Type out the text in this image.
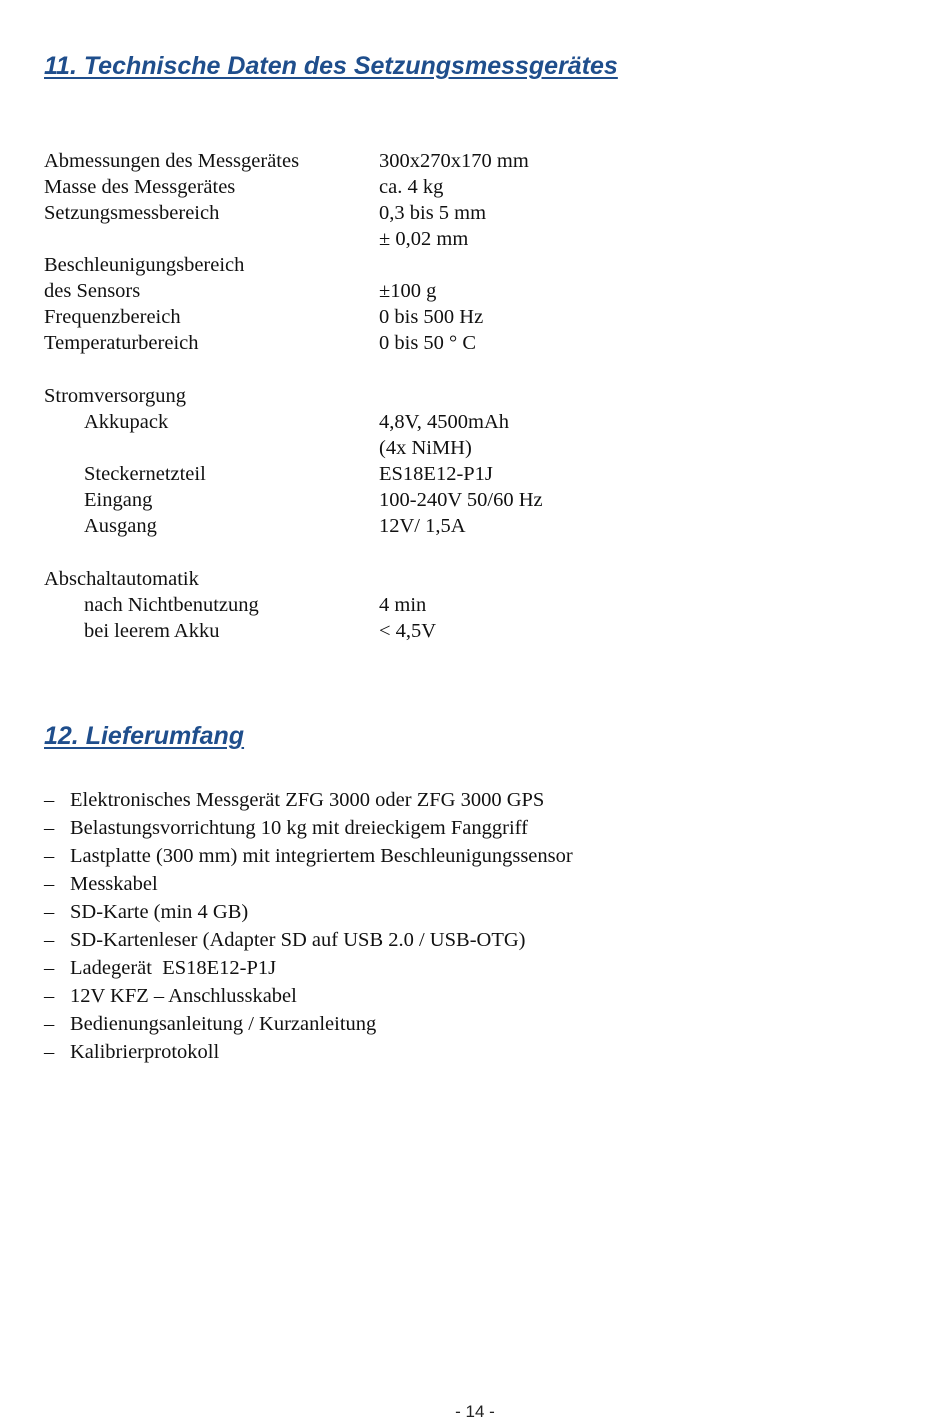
11. Technische Daten des Setzungsmessgerätes
Abmessungen des Messgerätes	300x270x170 mm
Masse des Messgerätes	ca. 4 kg
Setzungsmessbereich	0,3 bis 5 mm
± 0,02 mm
Beschleunigungsbereich
des Sensors	±100 g
Frequenzbereich	0 bis 500 Hz
Temperaturbereich	0 bis 50 ° C
Stromversorgung
Akkupack	4,8V, 4500mAh
(4x NiMH)
Steckernetzteil	ES18E12-P1J
Eingang	100-240V 50/60 Hz
Ausgang	12V/ 1,5A
Abschaltautomatik
nach Nichtbenutzung	4 min
bei leerem Akku	< 4,5V
12. Lieferumfang
– Elektronisches Messgerät ZFG 3000 oder ZFG 3000 GPS
– Belastungsvorrichtung 10 kg mit dreieckigem Fanggriff
– Lastplatte (300 mm) mit integriertem Beschleunigungssensor
– Messkabel
– SD-Karte (min 4 GB)
– SD-Kartenleser (Adapter SD auf USB 2.0 / USB-OTG)
– Ladegerät  ES18E12-P1J
– 12V KFZ – Anschlusskabel
– Bedienungsanleitung / Kurzanleitung
– Kalibrierprotokoll
- 14 -
